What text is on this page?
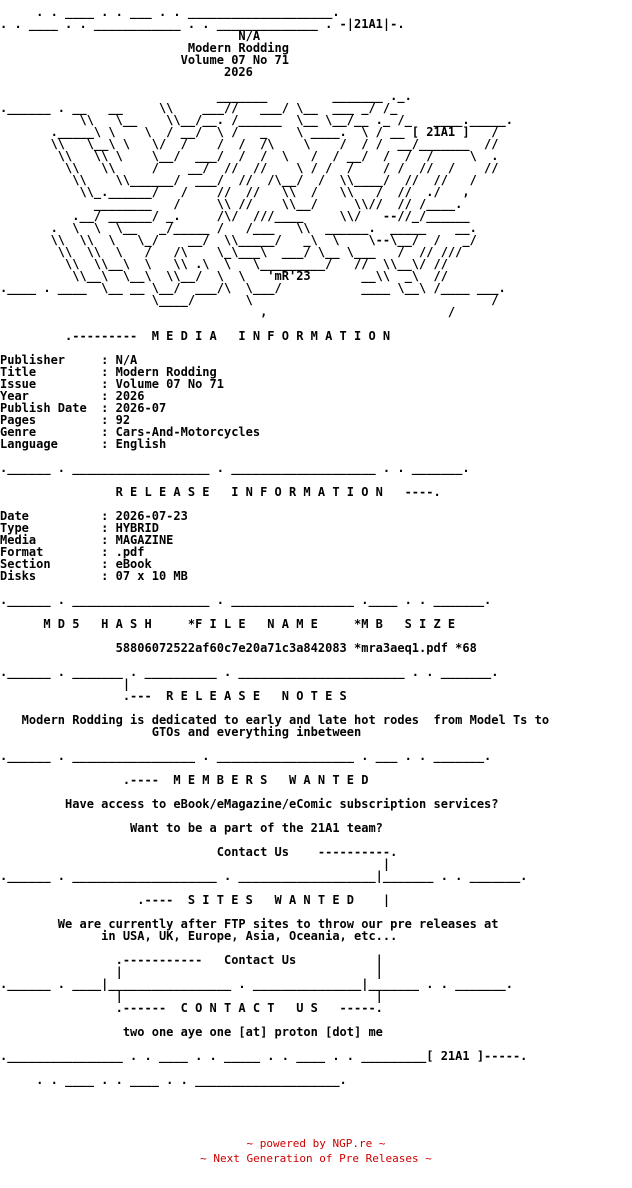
. . ____ . . ___ . . ____________________.
. . ____ . . ____________ . . ______________ . -|21A1|-.
N/A
Modern Rodding
Volume 07 No 71
2026
_______         _______ ._.
.______ . __   __     \\    ___//   ___/ \__  ___ _/ /_
\\   \__    \\__/__. /______  \__ \__/__ ._ /_   ____._____.
._____\ \    \  / __/  \ /   _    \ ____.  \ / __ [ 21A1 ]   /
\\   \__\ \   \/  /    /  /  /\    \    /  / /  __/_______  //
\\   \\ \    \__/  ___/  /  /  \   /  / __/  /  /  /     \  .
\\   \\     /    __/  //  //    \ / /  /    / /  //  /    //
\\    \\______/  ___/  //  /\__/  /  \\____/  //  //   /
\\_.______/   /    //  //   \\  /   \\   /  //  ./   ,
________   /     \\ //    \\__/     \\//  // /____.
.__/ ______/ _.     /\/  ///____     \\/   --//_/______
.  \  \  \__   _/_____ /   /___   \\  ______.  _____    __.
\\  \\  \   \_/    __/  \\_____/   _\  \    \--\__/  /   _/
\\  \\  \   /   /\    \_\___\  ___/ \__ \___   /  // ///
\\  \\__\  \   \\ .\  \   \_________/   //  \\__\/ //
\\__\  \__\  \\__/  \  \   'mR'23       __\\  _\  //
.____ . ____  \__ __ \__/  ___/\  \___/           ____ \__\ /____ ___.
\____/       \                                 /
,                         /
.---------  M E D I A   I N F O R M A T I O N
Publisher     : N/A
Title         : Modern Rodding
Issue         : Volume 07 No 71
Year          : 2026
Publish Date  : 2026-07
Pages         : 92
Genre         : Cars-And-Motorcycles
Language      : English
.______ . ___________________ . ____________________ . . _______.
R E L E A S E   I N F O R M A T I O N   ----.
Date          : 2026-07-23
Type          : HYBRID
Media         : MAGAZINE
Format        : .pdf
Section       : eBook
Disks         : 07 x 10 MB
.______ . ___________________ . _________________ .____ . . _______.
M D 5   H A S H     *F I L E   N A M E     *M B   S I Z E
58806072522af60c7e20a71c3a842083 *mra3aeq1.pdf *68
.______ . _______ . __________ . _______________________ . . _______.
|
.---  R E L E A S E   N O T E S
Modern Rodding is dedicated to early and late hot rodes  from Model Ts to
GTOs and everything inbetween
.______ . _________________ . ___________________ . ___ . . _______.
.----  M E M B E R S   W A N T E D
Have access to eBook/eMagazine/eComic subscription services?
Want to be a part of the 21A1 team?
Contact Us    ----------.
|
.______ . ____________________ . ___________________|_______ . . _______.
.----  S I T E S   W A N T E D    |
We are currently after FTP sites to throw our pre releases at
in USA, UK, Europe, Asia, Oceania, etc...
.-----------   Contact Us           |
|                                   |
.______ . ____|_________________ . _______________|_______ . . _______.
|                                   |
.------  C O N T A C T   U S   -----.
two one aye one [at] proton [dot] me
.________________ . . ____ . . _____ . . ____ . . _________[ 21A1 ]-----.
. . ____ . . ____ . . ____________________.
~ powered by NGP.re ~
~ Next Generation of Pre Releases ~
